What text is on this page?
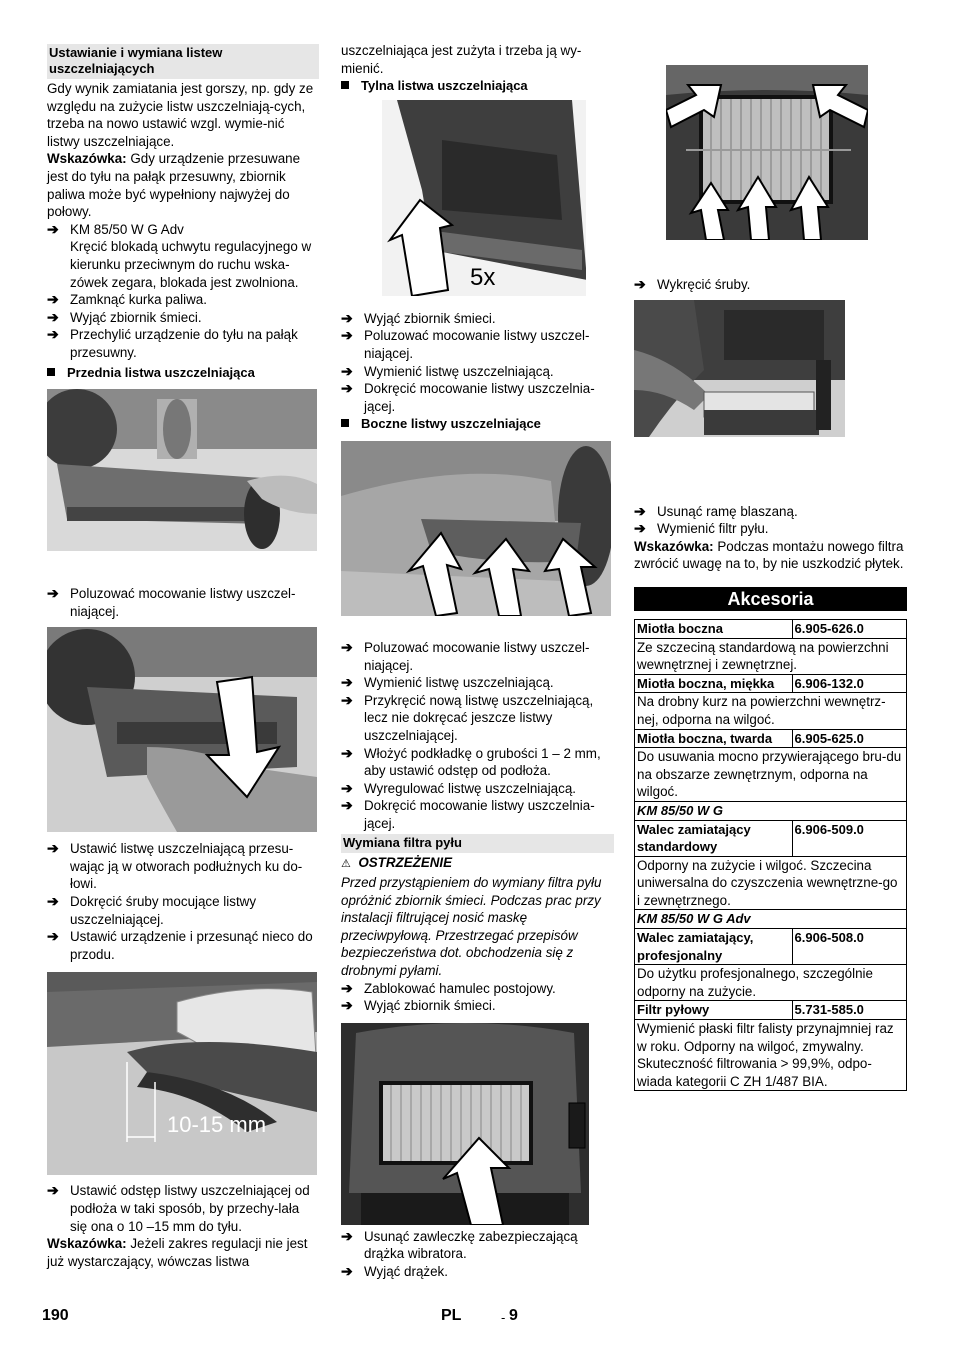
Ustawianie i wymiana listew uszczelniających

Gdy wynik zamiatania jest gorszy, np. gdy ze względu na zużycie listw uszczelniają-cych, trzeba na nowo ustawić wzgl. wymie-nić listwy uszczelniające.

Wskazówka: Gdy urządzenie przesuwane jest do tyłu na pałąk przesuwny, zbiornik paliwa może być wypełniony najwyżej do połowy.

➔ KM 85/50 W G Adv
Kręcić blokadą uchwytu regulacyjnego w kierunku przeciwnym do ruchu wska-zówek zegara, blokada jest zwolniona.
➔ Zamknąć kurka paliwa.
➔ Wyjąć zbiornik śmieci.
➔ Przechylić urządzenie do tyłu na pałąk przesuwny.
Przednia listwa uszczelniająca
➔ Poluzować mocowanie listwy uszczel-niającej.
➔ Ustawić listwę uszczelniającą przesu-wając ją w otworach podłużnych ku do-łowi.
➔ Dokręcić śruby mocujące listwy uszczelniającej.
➔ Ustawić urządzenie i przesunąć nieco do przodu.
10-15 mm
➔ Ustawić odstęp listwy uszczelniającej od podłoża w taki sposób, by przechy-lała się ona o 10 –15 mm do tyłu.

Wskazówka: Jeżeli zakres regulacji nie jest już wystarczający, wówczas listwa

uszczelniająca jest zużyta i trzeba ją wy-mienić.

Tylna listwa uszczelniająca
5x
➔ Wyjąć zbiornik śmieci.
➔ Poluzować mocowanie listwy uszczel-niającej.
➔ Wymienić listwę uszczelniającą.
➔ Dokręcić mocowanie listwy uszczelnia-jącej.
Boczne listwy uszczelniające
➔ Poluzować mocowanie listwy uszczel-niającej.
➔ Wymienić listwę uszczelniającą.
➔ Przykręcić nową listwę uszczelniającą, lecz nie dokręcać jeszcze listwy uszczelniającej.
➔ Włożyć podkładkę o grubości 1 – 2 mm, aby ustawić odstęp od podłoża.
➔ Wyregulować listwę uszczelniającą.
➔ Dokręcić mocowanie listwy uszczelnia-jącej.
Wymiana filtra pyłu
⚠ OSTRZEŻENIE

Przed przystąpieniem do wymiany filtra pyłu opróżnić zbiornik śmieci. Podczas prac przy instalacji filtrującej nosić maskę przeciwpyłową. Przestrzegać przepisów bezpieczeństwa dot. obchodzenia się z drobnymi pyłami.

➔ Zablokować hamulec postojowy.
➔ Wyjąć zbiornik śmieci.
➔ Usunąć zawleczkę zabezpieczającą drążka wibratora.
➔ Wyjąć drążek.
➔ Wykręcić śruby.
➔ Usunąć ramę blaszaną.
➔ Wymienić filtr pyłu.

Wskazówka: Podczas montażu nowego filtra zwrócić uwagę na to, by nie uszkodzić płytek.

Akcesoria
Miotła boczna	6.905-626.0
Ze szczeciną standardową na powierzchni wewnętrznej i zewnętrznej.	
Miotła boczna, miękka	6.906-132.0
Na drobny kurz na powierzchni wewnętrz-nej, odporna na wilgoć.	
Miotła boczna, twarda	6.905-625.0
Do usuwania mocno przywierającego bru-du na obszarze zewnętrznym, odporna na wilgoć.	
KM 85/50 W G	
Walec zamiatający standardowy	6.906-509.0
Odporny na zużycie i wilgoć. Szczecina uniwersalna do czyszczenia wewnętrzne-go i zewnętrznego.	
KM 85/50 W G Adv	
Walec zamiatający, profesjonalny	6.906-508.0
Do użytku profesjonalnego, szczególnie odporny na zużycie.	
Filtr pyłowy	5.731-585.0
Wymienić płaski filtr falisty przynajmniej raz w roku. Odporny na wilgoć, zmywalny. Skuteczność filtrowania > 99,9%, odpo-wiada kategorii C ZH 1/487 BIA.	
190	PL	- 9
